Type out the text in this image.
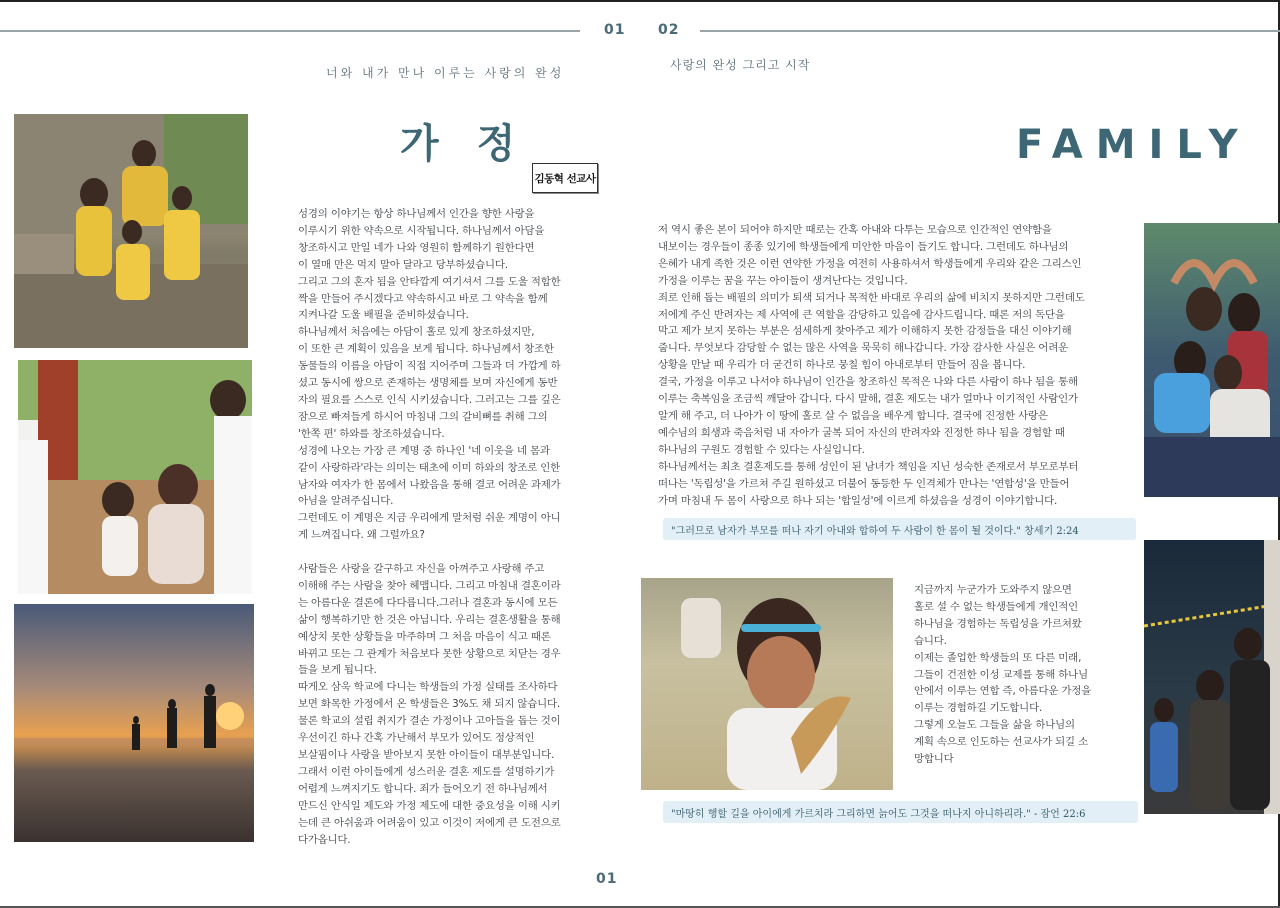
01 02
너와 내가 만나 이루는 사랑의 완성
사랑의 완성 그리고 시작
가 정	FAMILY
김동혁 선교사

성경의 이야기는 항상 하나님께서 인간을 향한 사랑을

이루시기 위한 약속으로 시작됩니다. 하나님께서 아담을

창조하시고 만일 네가 나와 영원히 함께하기 원한다면

이 열매 만은 먹지 말아 달라고 당부하셨습니다.

그리고 그의 혼자 됨을 안타깝게 여기셔서 그를 도울 적합한

짝을 만들어 주시겠다고 약속하시고 바로 그 약속을 함께

지켜나갈 도울 배필을 준비하셨습니다.

하나님께서 처음에는 아담이 홀로 있게 창조하셨지만,

이 또한 큰 계획이 있음을 보게 됩니다. 하나님께서 창조한

동물들의 이름을 아담이 직접 지어주며 그들과 더 가깝게 하

셨고 동시에 쌍으로 존재하는 생명체를 보며 자신에게 동반

자의 필요를 스스로 인식 시키셨습니다. 그러고는 그를 깊은

잠으로 빠져들게 하시어 마침내 그의 갈비뼈를 취해 그의

'한쪽 편' 하와를 창조하셨습니다.

성경에 나오는 가장 큰 계명 중 하나인 '네 이웃을 네 몸과

같이 사랑하라'라는 의미는 태초에 이미 하와의 창조로 인한

남자와 여자가 한 몸에서 나왔음을 통해 결코 어려운 과제가

아님을 알려주십니다.

그런데도 이 계명은 지금 우리에게 말처럼 쉬운 계명이 아니

게 느껴집니다. 왜 그럴까요?

사람들은 사랑을 갈구하고 자신을 아껴주고 사랑해 주고

이해해 주는 사람을 찾아 헤맵니다. 그리고 마침내 결혼이라

는 아름다운 결론에 다다릅니다.그러나 결혼과 동시에 모든

삶이 행복하기만 한 것은 아닙니다. 우리는 결혼생활을 통해

예상치 못한 상황들을 마주하며 그 처음 마음이 식고 때론

바뀌고 또는 그 관계가 처음보다 못한 상황으로 치닫는 경우

들을 보게 됩니다.

따게오 삼욱 학교에 다니는 학생들의 가정 실태를 조사하다

보면 화목한 가정에서 온 학생들은 3%도 채 되지 않습니다.

물론 학교의 설립 취지가 결손 가정이나 고아들을 돕는 것이

우선이긴 하나 간혹 가난해서 부모가 있어도 정상적인

보살핌이나 사랑을 받아보지 못한 아이들이 대부분입니다.

그래서 이런 아이들에게 성스러운 결혼 제도를 설명하기가

어렵게 느껴지기도 합니다. 죄가 들어오기 전 하나님께서

만드신 안식일 제도와 가정 제도에 대한 중요성을 이해 시키

는데 큰 아쉬움과 어려움이 있고 이것이 저에게 큰 도전으로

다가옵니다.

저 역시 좋은 본이 되어야 하지만 때로는 간혹 아내와 다투는 모습으로 인간적인 연약함을

내보이는 경우들이 종종 있기에 학생들에게 미안한 마음이 들기도 합니다. 그런데도 하나님의

은혜가 내게 족한 것은 이런 연약한 가정을 여전히 사용하셔서 학생들에게 우리와 같은 그리스인

가정을 이루는 꿈을 꾸는 아이들이 생겨난다는 것입니다.

죄로 인해 돕는 배필의 의미가 퇴색 되거나 목적한 바대로 우리의 삶에 비치지 못하지만 그런데도

저에게 주신 반려자는 제 사역에 큰 역할을 감당하고 있음에 감사드립니다. 때론 저의 독단을

막고 제가 보지 못하는 부분은 섬세하게 찾아주고 제가 이해하지 못한 감정들을 대신 이야기해

줍니다. 무엇보다 감당할 수 없는 많은 사역을 묵묵히 해나갑니다. 가장 감사한 사실은 어려운

상황을 만날 때 우리가 더 굳건히 하나로 뭉칠 힘이 아내로부터 만들어 짐을 봅니다.

결국, 가정을 이루고 나서야 하나님이 인간을 창조하신 목적은 나와 다른 사람이 하나 됨을 통해

이루는 축복임을 조금씩 깨달아 갑니다. 다시 말해, 결혼 제도는 내가 얼마나 이기적인 사람인가

알게 해 주고, 더 나아가 이 땅에 홀로 살 수 없음을 배우게 합니다. 결국에 진정한 사랑은

예수님의 희생과 죽음처럼 내 자아가 굴복 되어 자신의 반려자와 진정한 하나 됨을 경험할 때

하나님의 구원도 경험할 수 있다는 사실입니다.

하나님께서는 최초 결혼제도를 통해 성인이 된 남녀가 책임을 지닌 성숙한 존재로서 부모로부터

떠나는 '독립성'을 가르쳐 주길 원하셨고 더불어 동등한 두 인격체가 만나는 '연합성'을 만들어

가며 마침내 두 몸이 사랑으로 하나 되는 '합일성'에 이르게 하셨음을 성경이 이야기합니다.

"그러므로 남자가 부모를 떠나 자기 아내와 합하여 두 사람이 한 몸이 될 것이다." 창세기 2:24

지금까지 누군가가 도와주지 않으면

홀로 설 수 없는 학생들에게 개인적인

하나님을 경험하는 독립성을 가르쳐왔

습니다.

이제는 졸업한 학생들의 또 다른 미래,

그들이 건전한 이성 교제를 통해 하나님

안에서 이루는 연합 즉, 아름다운 가정을

이루는 경험하길 기도합니다.

그렇게 오늘도 그들을 삶을 하나님의

계획 속으로 인도하는 선교사가 되길 소

망합니다

"마땅히 행할 길을 아이에게 가르치라 그리하면 늙어도 그것을 떠나지 아니하리라." - 잠언 22:6
01
